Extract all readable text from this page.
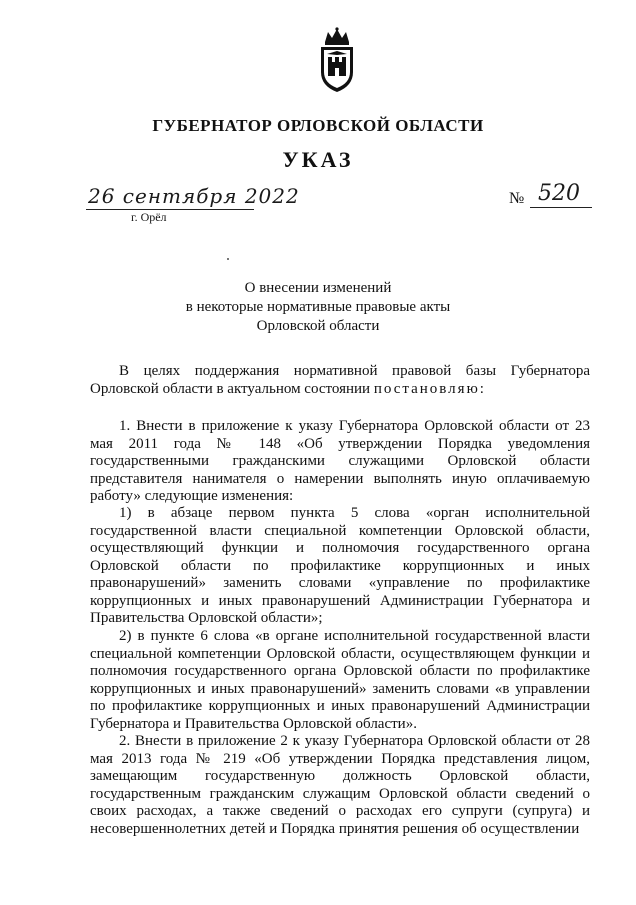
ГУБЕРНАТОР ОРЛОВСКОЙ ОБЛАСТИ
УКАЗ
26 сентября 2022
г. Орёл
№ 520
О внесении изменений
в некоторые нормативные правовые акты
Орловской области
В целях поддержания нормативной правовой базы Губернатора Орловской области в актуальном состоянии постановляю:
1. Внести в приложение к указу Губернатора Орловской области от 23 мая 2011 года № 148 «Об утверждении Порядка уведомления государственными гражданскими служащими Орловской области представителя нанимателя о намерении выполнять иную оплачиваемую работу» следующие изменения:
1) в абзаце первом пункта 5 слова «орган исполнительной государственной власти специальной компетенции Орловской области, осуществляющий функции и полномочия государственного органа Орловской области по профилактике коррупционных и иных правонарушений» заменить словами «управление по профилактике коррупционных и иных правонарушений Администрации Губернатора и Правительства Орловской области»;
2) в пункте 6 слова «в органе исполнительной государственной власти специальной компетенции Орловской области, осуществляющем функции и полномочия государственного органа Орловской области по профилактике коррупционных и иных правонарушений» заменить словами «в управлении по профилактике коррупционных и иных правонарушений Администрации Губернатора и Правительства Орловской области».
2. Внести в приложение 2 к указу Губернатора Орловской области от 28 мая 2013 года № 219 «Об утверждении Порядка представления лицом, замещающим государственную должность Орловской области, государственным гражданским служащим Орловской области сведений о своих расходах, а также сведений о расходах его супруги (супруга) и несовершеннолетних детей и Порядка принятия решения об осуществлении
